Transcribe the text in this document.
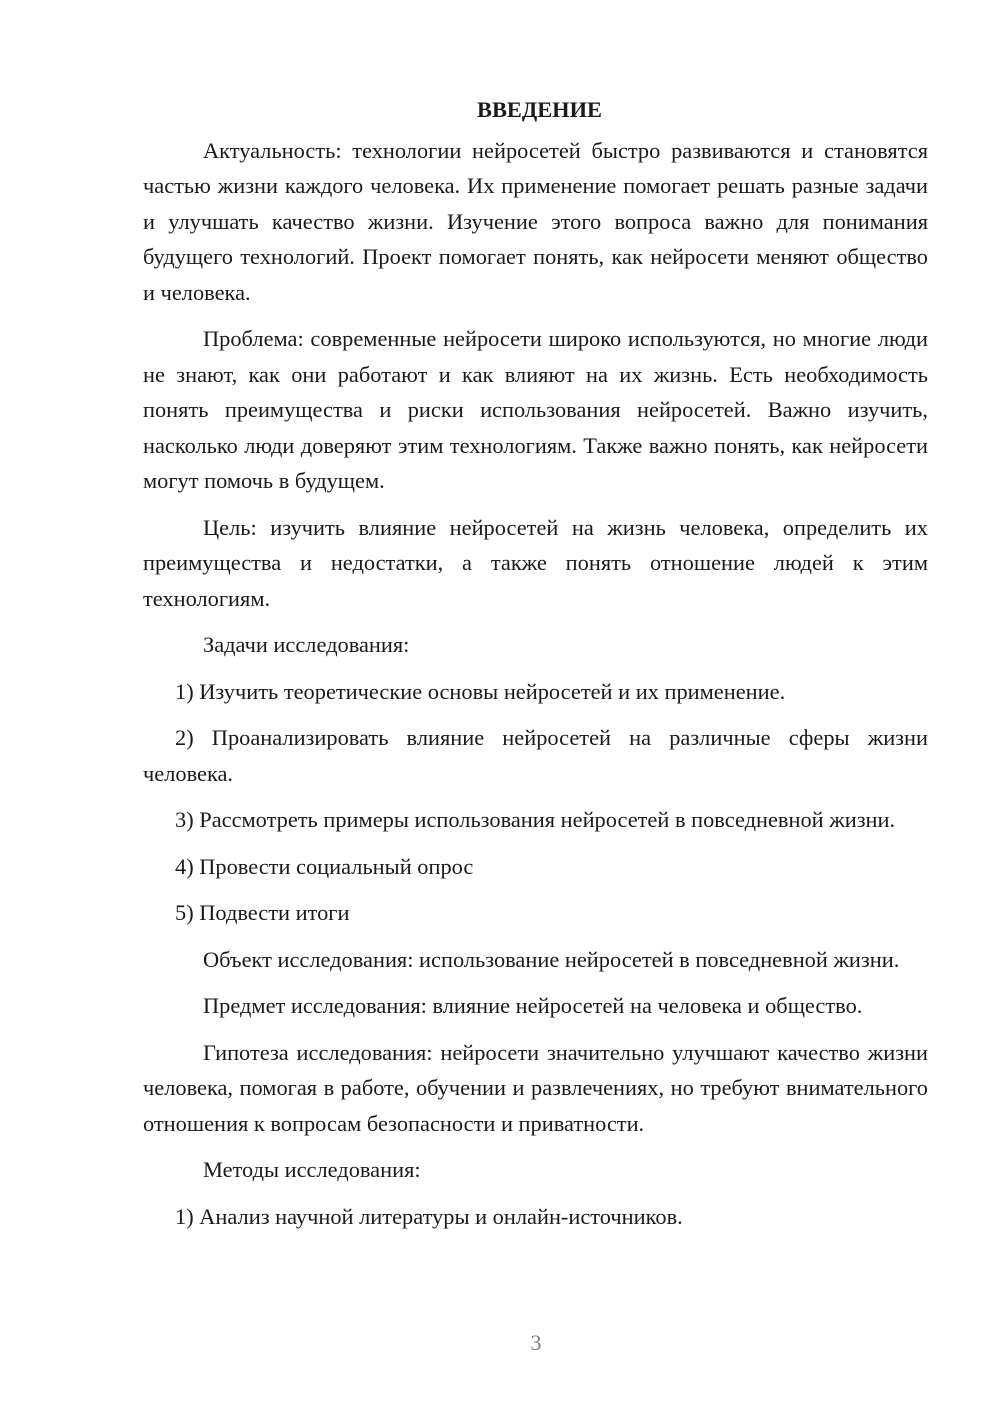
ВВЕДЕНИЕ

Актуальность: технологии нейросетей быстро развиваются и становятся частью жизни каждого человека. Их применение помогает решать разные задачи и улучшать качество жизни. Изучение этого вопроса важно для понимания будущего технологий. Проект помогает понять, как нейросети меняют общество и человека.

Проблема: современные нейросети широко используются, но многие люди не знают, как они работают и как влияют на их жизнь. Есть необходимость понять преимущества и риски использования нейросетей. Важно изучить, насколько люди доверяют этим технологиям. Также важно понять, как нейросети могут помочь в будущем.

Цель: изучить влияние нейросетей на жизнь человека, определить их преимущества и недостатки, а также понять отношение людей к этим технологиям.

Задачи исследования:

1) Изучить теоретические основы нейросетей и их применение.

2) Проанализировать влияние нейросетей на различные сферы жизни человека.

3) Рассмотреть примеры использования нейросетей в повседневной жизни.

4) Провести социальный опрос

5) Подвести итоги

Объект исследования: использование нейросетей в повседневной жизни.

Предмет исследования: влияние нейросетей на человека и общество.

Гипотеза исследования: нейросети значительно улучшают качество жизни человека, помогая в работе, обучении и развлечениях, но требуют внимательного отношения к вопросам безопасности и приватности.

Методы исследования:

1) Анализ научной литературы и онлайн-источников.

3
